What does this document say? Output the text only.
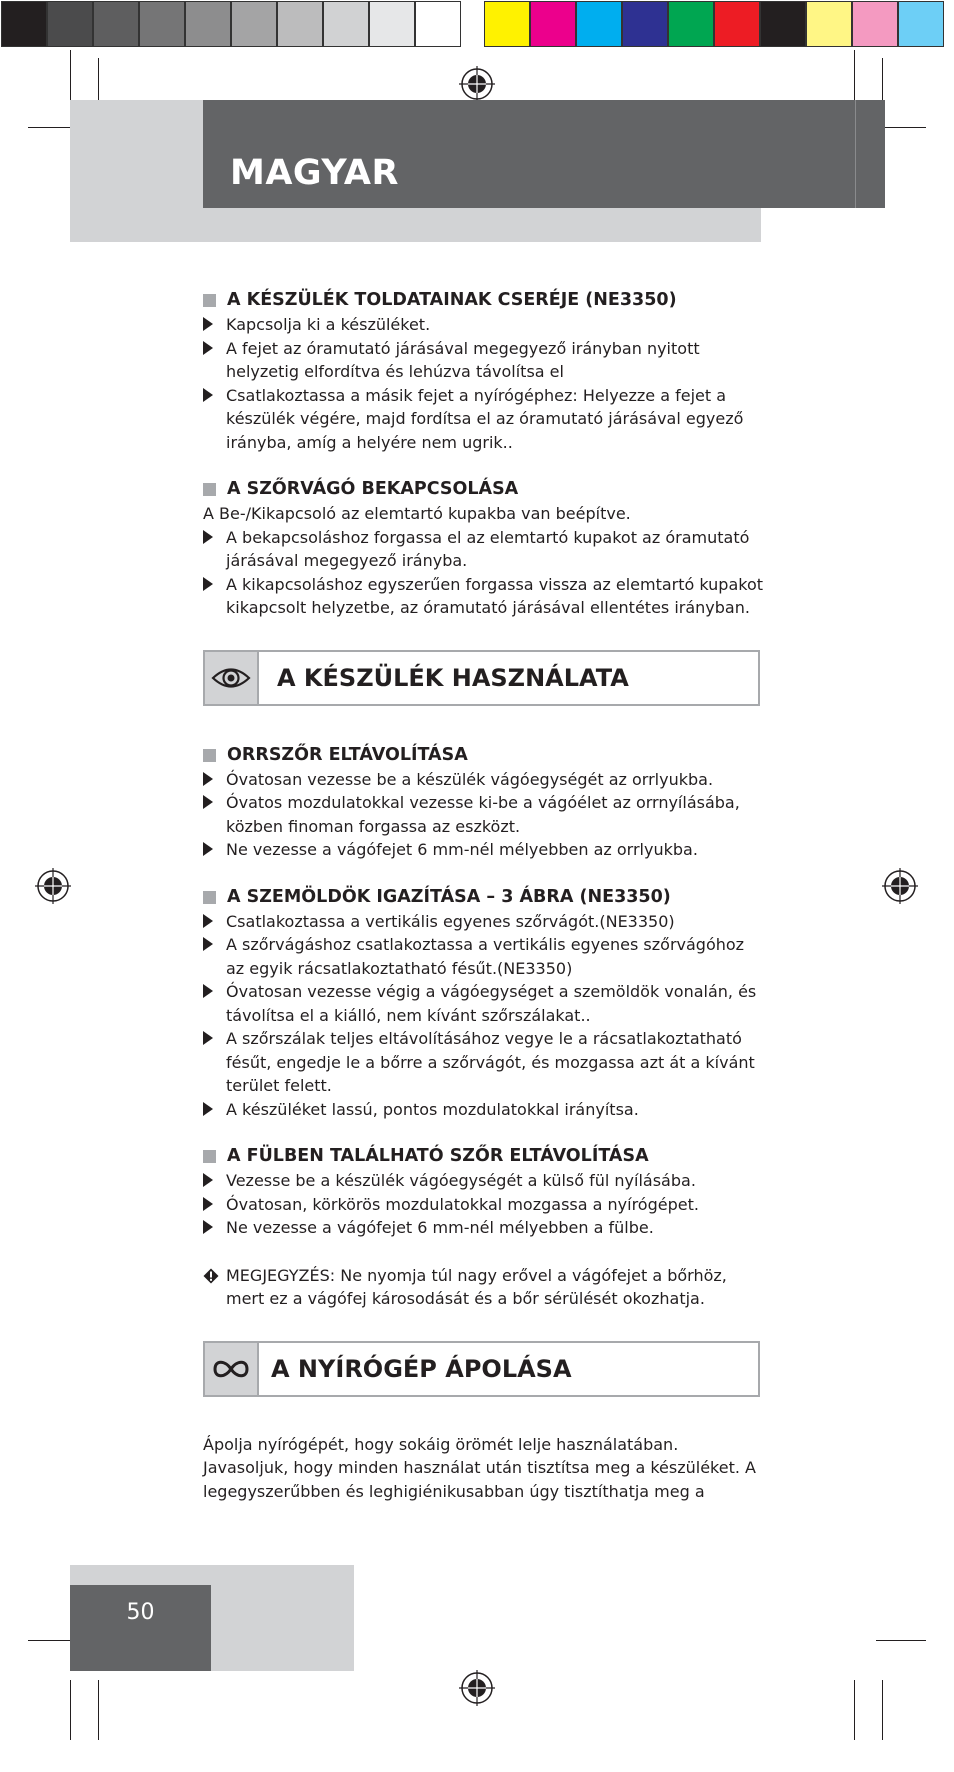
MAGYAR
A KÉSZÜLÉK TOLDATAINAK CSERÉJE (NE3350)
Kapcsolja ki a készüléket.
A fejet az óramutató járásával megegyező irányban nyitott helyzetig elfordítva és lehúzva távolítsa el
Csatlakoztassa a másik fejet a nyírógéphez: Helyezze a fejet a készülék végére, majd fordítsa el az óramutató járásával egyező irányba, amíg a helyére nem ugrik..
A SZŐRVÁGÓ BEKAPCSOLÁSA

A Be-/Kikapcsoló az elemtartó kupakba van beépítve.

A bekapcsoláshoz forgassa el az elemtartó kupakot az óramutató járásával megegyező irányba.
A kikapcsoláshoz egyszerűen forgassa vissza az elemtartó kupakot kikapcsolt helyzetbe, az óramutató járásával ellentétes irányban.
A KÉSZÜLÉK HASZNÁLATA
ORRSZŐR ELTÁVOLÍTÁSA
Óvatosan vezesse be a készülék vágóegységét az orrlyukba.
Óvatos mozdulatokkal vezesse ki-be a vágóélet az orrnyílásába, közben finoman forgassa az eszközt.
Ne vezesse a vágófejet 6 mm-nél mélyebben az orrlyukba.
A SZEMÖLDÖK IGAZÍTÁSA – 3 ÁBRA (NE3350)
Csatlakoztassa a vertikális egyenes szőrvágót.(NE3350)
A szőrvágáshoz csatlakoztassa a vertikális egyenes szőrvágóhoz az egyik rácsatlakoztatható fésűt.(NE3350)
Óvatosan vezesse végig a vágóegységet a szemöldök vonalán, és távolítsa el a kiálló, nem kívánt szőrszálakat..
A szőrszálak teljes eltávolításához vegye le a rácsatlakoztatható fésűt, engedje le a bőrre a szőrvágót, és mozgassa azt át a kívánt terület felett.
A készüléket lassú, pontos mozdulatokkal irányítsa.
A FÜLBEN TALÁLHATÓ SZŐR ELTÁVOLÍTÁSA
Vezesse be a készülék vágóegységét a külső fül nyílásába.
Óvatosan, körkörös mozdulatokkal mozgassa a nyírógépet.
Ne vezesse a vágófejet 6 mm-nél mélyebben a fülbe.

MEGJEGYZÉS: Ne nyomja túl nagy erővel a vágófejet a bőrhöz, mert ez a vágófej károsodását és a bőr sérülését okozhatja.

A NYÍRÓGÉP ÁPOLÁSA

Ápolja nyírógépét, hogy sokáig örömét lelje használatában. Javasoljuk, hogy minden használat után tisztítsa meg a készüléket. A legegyszerűbben és leghigiénikusabban úgy tisztíthatja meg a

50
